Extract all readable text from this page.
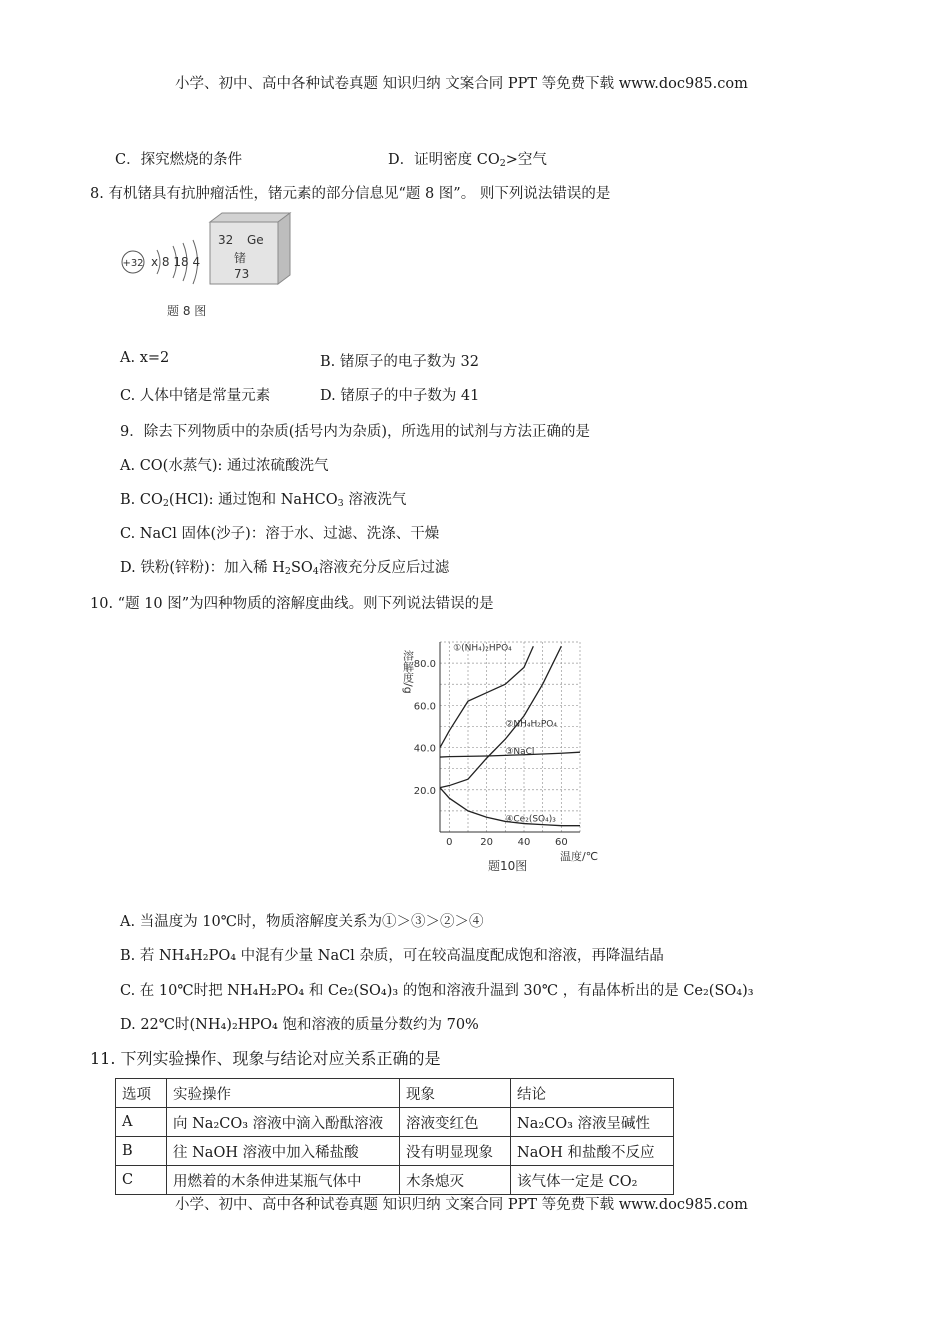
小学、初中、高中各种试卷真题 知识归纳 文案合同 PPT 等免费下载 www.doc985.com
C．探究燃烧的条件	D．证明密度 $CO_2>$空气
8. 有机锗具有抗肿瘤活性，锗元素的部分信息见“题 8 图”。 则下列说法错误的是
+32 x 8 18 4
32 Ge
锗
73
题 8 图
A. x=2	B. 锗原子的电子数为 32
C. 人体中锗是常量元素	D. 锗原子的中子数为 41
9．除去下列物质中的杂质(括号内为杂质)，所选用的试剂与方法正确的是
A. CO(水蒸气): 通过浓硫酸洗气
B. $CO_2(HCl)$: 通过饱和 NaHCO$_3$ 溶液洗气
C. NaCl 固体(沙子)：溶于水、过滤、洗涤、干燥
D. 铁粉(锌粉)：加入稀 $H_2SO_4$溶液充分反应后过滤
10. “题 10 图”为四种物质的溶解度曲线。则下列说法错误的是
0	20 40 60
20.0
40.0
60.0
80.0
溶解度/g
温度/℃
①(NH₄)₂HPO₄
②NH₄H₂PO₄
③NaCl
④Ce₂(SO₄)₃
题10图
A. 当温度为 10℃时，物质溶解度关系为①＞③＞②＞④
B. 若 NH₄H₂PO₄ 中混有少量 NaCl 杂质，可在较高温度配成饱和溶液，再降温结晶
C. 在 10℃时把 NH₄H₂PO₄ 和 Ce₂(SO₄)₃ 的饱和溶液升温到 30℃ ，有晶体析出的是 Ce₂(SO₄)₃
D. 22℃时(NH₄)₂HPO₄ 饱和溶液的质量分数约为 70%
11. 下列实验操作、现象与结论对应关系正确的是
选项	实验操作	现象	结论
A	向 Na₂CO₃ 溶液中滴入酚酞溶液	溶液变红色	Na₂CO₃ 溶液呈碱性
B	往 NaOH 溶液中加入稀盐酸	没有明显现象	NaOH 和盐酸不反应
C	用燃着的木条伸进某瓶气体中	木条熄灭	该气体一定是 CO₂
小学、初中、高中各种试卷真题 知识归纳 文案合同 PPT 等免费下载 www.doc985.com
